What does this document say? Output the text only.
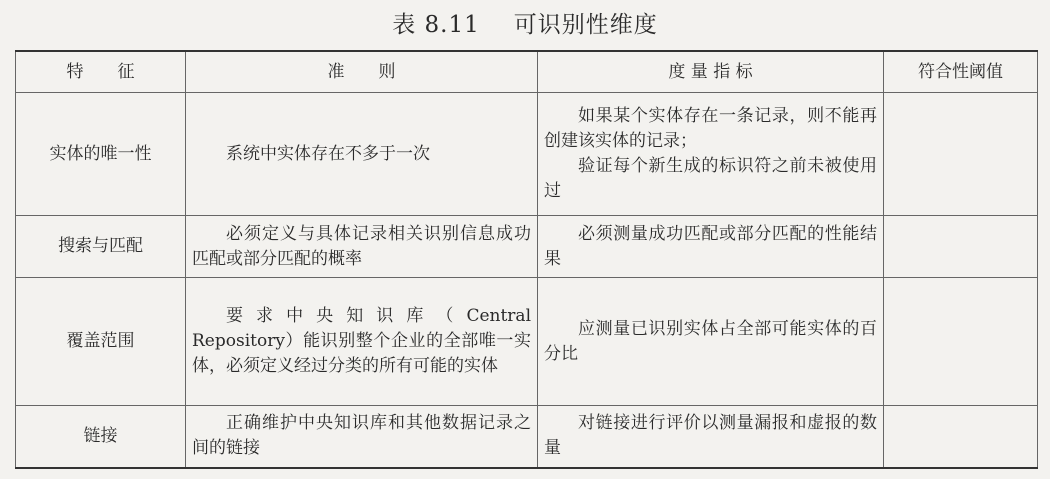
表 8.11 可识别性维度
特　　征	准　　则	度 量 指 标	符合性阈值
实体的唯一性	系统中实体存在不多于一次	如果某个实体存在一条记录，则不能再创建该实体的记录；
验证每个新生成的标识符之前未被使用过	

搜索与匹配	必须定义与具体记录相关识别信息成功匹配或部分匹配的概率	必须测量成功匹配或部分匹配的性能结果	

覆盖范围	要求中央知识库（Central Repository）能识别整个企业的全部唯一实体，必须定义经过分类的所有可能的实体	应测量已识别实体占全部可能实体的百分比	

链接	正确维护中央知识库和其他数据记录之间的链接	对链接进行评价以测量漏报和虚报的数量	
